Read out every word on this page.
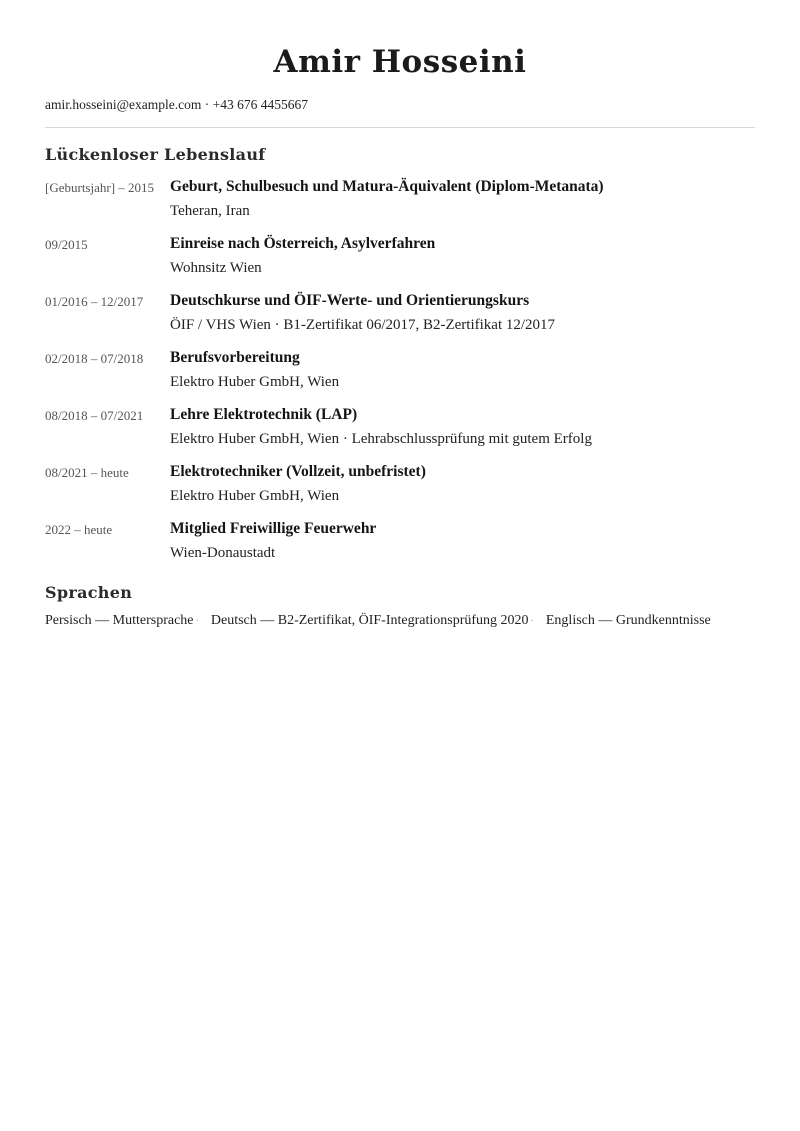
Amir Hosseini
amir.hosseini@example.com · +43 676 4455667
Lückenloser Lebenslauf
[Geburtsjahr] – 2015	Geburt, Schulbesuch und Matura-Äquivalent (Diplom-Metanata)
Teheran, Iran
09/2015	Einreise nach Österreich, Asylverfahren
Wohnsitz Wien
01/2016 – 12/2017	Deutschkurse und ÖIF-Werte- und Orientierungskurs
ÖIF / VHS Wien · B1-Zertifikat 06/2017, B2-Zertifikat 12/2017
02/2018 – 07/2018	Berufsvorbereitung
Elektro Huber GmbH, Wien
08/2018 – 07/2021	Lehre Elektrotechnik (LAP)
Elektro Huber GmbH, Wien · Lehrabschlussprüfung mit gutem Erfolg
08/2021 – heute	Elektrotechniker (Vollzeit, unbefristet)
Elektro Huber GmbH, Wien
2022 – heute	Mitglied Freiwillige Feuerwehr
Wien-Donaustadt
Sprachen
Persisch — Muttersprache · Deutsch — B2-Zertifikat, ÖIF-Integrationsprüfung 2020 · Englisch — Grundkenntnisse
